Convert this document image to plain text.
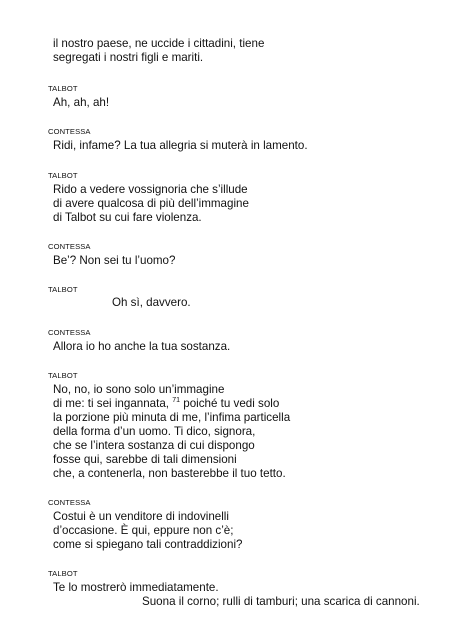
il nostro paese, ne uccide i cittadini, tiene
segregati i nostri figli e mariti.
TALBOT
Ah, ah, ah!
CONTESSA
Ridi, infame? La tua allegria si muterà in lamento.
TALBOT
Rido a vedere vossignoria che s’illude
di avere qualcosa di più dell’immagine
di Talbot su cui fare violenza.
CONTESSA
Be’? Non sei tu l’uomo?
TALBOT
Oh sì, davvero.
CONTESSA
Allora io ho anche la tua sostanza.
TALBOT
No, no, io sono solo un’immagine
di me: ti sei ingannata, $^{71}$ poiché tu vedi solo
la porzione più minuta di me, l’infima particella
della forma d’un uomo. Ti dico, signora,
che se l’intera sostanza di cui dispongo
fosse qui, sarebbe di tali dimensioni
che, a contenerla, non basterebbe il tuo tetto.
CONTESSA
Costui è un venditore di indovinelli
d’occasione. È qui, eppure non c’è;
come si spiegano tali contraddizioni?
TALBOT
Te lo mostrerò immediatamente.
Suona il corno; rulli di tamburi; una scarica di cannoni.
